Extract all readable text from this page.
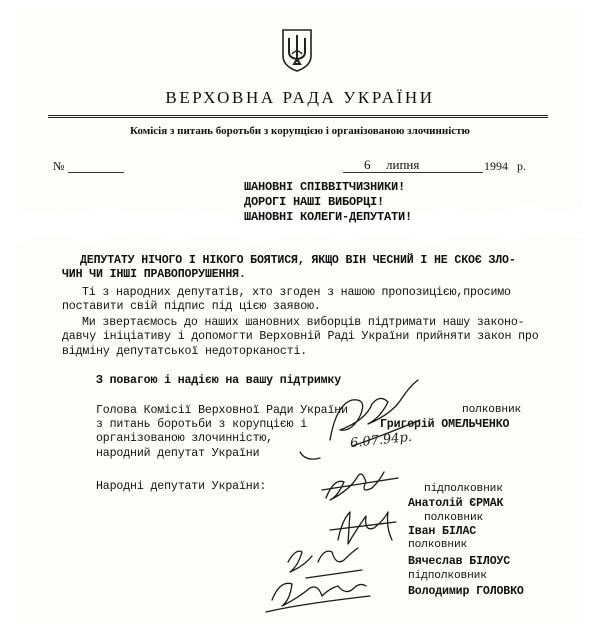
ВЕРХОВНА РАДА УКРАЇНИ
Комісія з питань боротьби з корупцією і організованою злочинністю
№	6 липня	1994 р.
ШАНОВНІ СПІВВІТЧИЗНИКИ!
ДОРОГІ НАШІ ВИБОРЦІ!
ШАНОВНІ КОЛЕГИ-ДЕПУТАТИ!
ДЕПУТАТУ НІЧОГО І НІКОГО БОЯТИСЯ, ЯКЩО ВІН ЧЕСНИЙ І НЕ СКОЄ ЗЛО-
ЧИН ЧИ ІНШІ ПРАВОПОРУШЕННЯ.
Ті з народних депутатів, хто згоден з нашою пропозицією,просимо
поставити свій підпис під цією заявою.
Ми звертаємось до наших шановних виборців підтримати нашу законо-
давчу ініціативу і допомогти Верховній Раді України прийняти закон про
відміну депутатської недоторканості.
З повагою і надією на вашу підтримку
Голова Комісії Верховної Ради України
з питань боротьби з корупцією і
організованою злочинністю,
народний депутат України
полковник
Григорій ОМЕЛЬЧЕНКО
Народні депутати України:	підполковник
Анатолій ЄРМАК
полковник
Іван БІЛАС
полковник
Вячеслав БІЛОУС
підполковник
Володимир ГОЛОВКО
6.07.94р.
